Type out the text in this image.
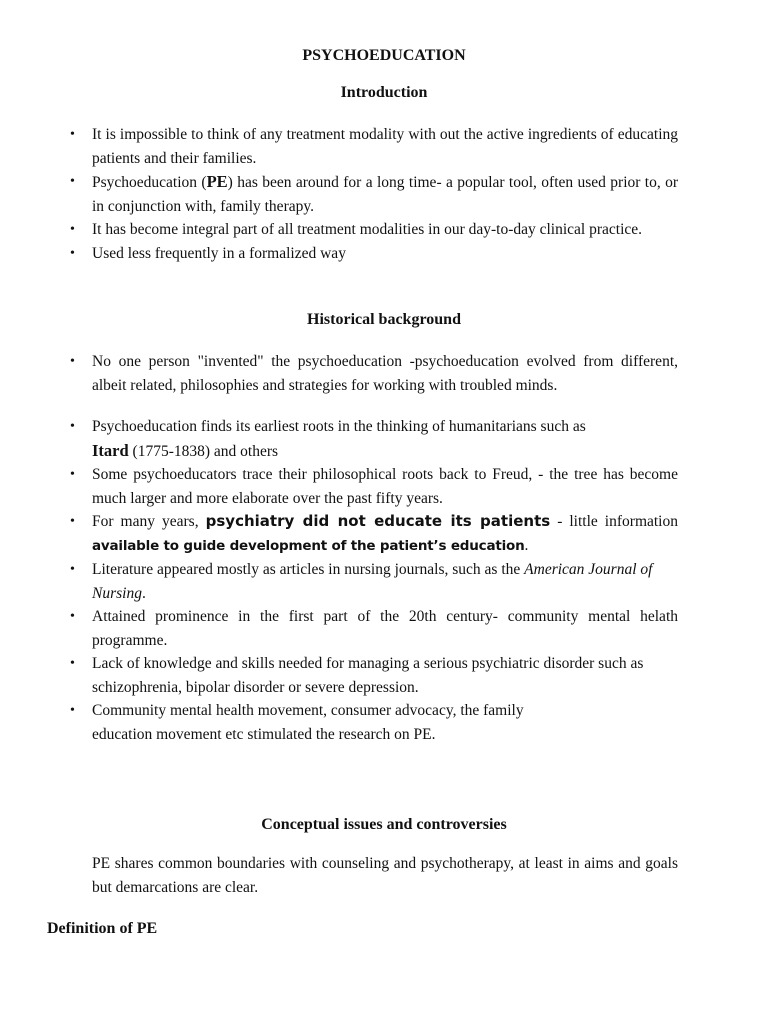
PSYCHOEDUCATION
Introduction
• It is impossible to think of any treatment modality with out the active ingredients of educating patients and their families.
• Psychoeducation (PE) has been around for a long time- a popular tool, often used prior to, or in conjunction with, family therapy.
• It has become integral part of all treatment modalities in our day-to-day clinical practice.
• Used less frequently in a formalized way
Historical background
• No one person "invented" the psychoeducation -psychoeducation evolved from different, albeit related, philosophies and strategies for working with troubled minds.
• Psychoeducation finds its earliest roots in the thinking of humanitarians such as
Itard (1775-1838) and others
• Some psychoeducators trace their philosophical roots back to Freud, - the tree has become much larger and more elaborate over the past fifty years.
• For many years, psychiatry did not educate its patients - little information available to guide development of the patient’s education.
• Literature appeared mostly as articles in nursing journals, such as the American Journal of Nursing.
• Attained prominence in the first part of the 20th century- community mental helath programme.
• Lack of knowledge and skills needed for managing a serious psychiatric disorder such as schizophrenia, bipolar disorder or severe depression.
• Community mental health movement, consumer advocacy, the family
education movement etc stimulated the research on PE.
Conceptual issues and controversies
PE shares common boundaries with counseling and psychotherapy, at least in aims and goals but demarcations are clear.
Definition of PE
